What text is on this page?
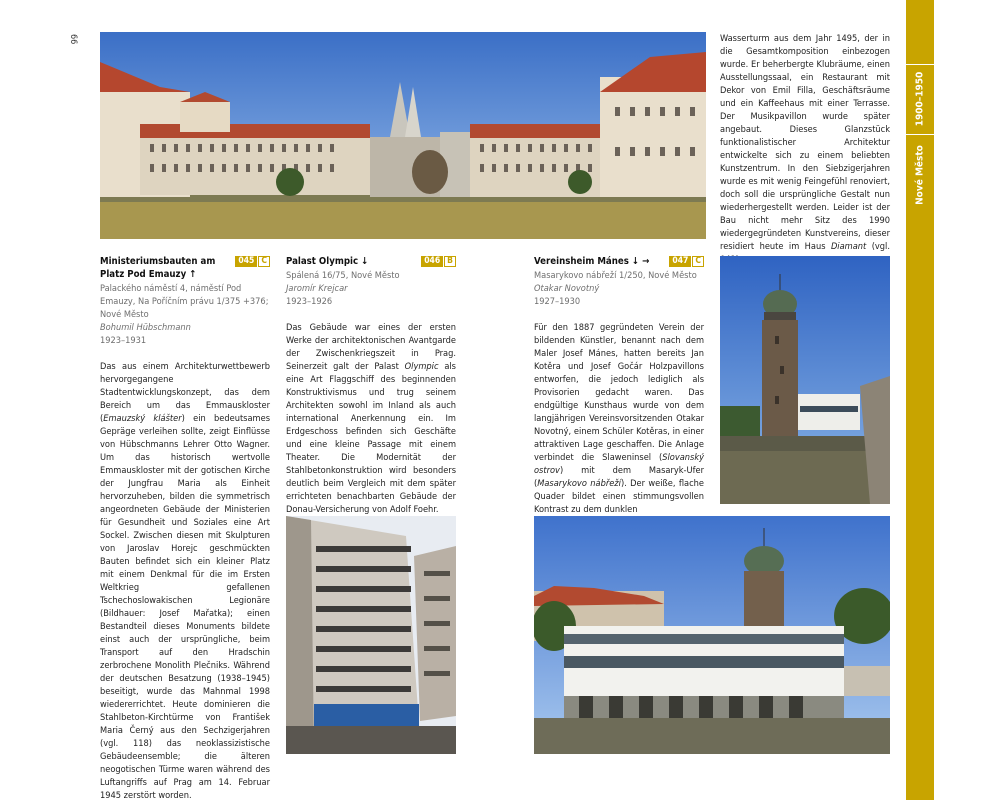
66
1900–1950
Nové Město
Ministeriumsbauten am
Platz Pod Emauzy ↑
045 C
Palackého náměstí 4, náměstí Pod
Emauzy, Na Poříčním právu 1/375 +376;
Nové Město
Bohumil Hübschmann
1923–1931

Das aus einem Architekturwettbewerb hervorgegangene Stadtentwicklungskonzept, das dem Bereich um das Emmauskloster (Emauzský klášter) ein bedeutsames Gepräge verleihen sollte, zeigt Einflüsse von Hübschmanns Lehrer Otto Wagner. Um das historisch wertvolle Emmauskloster mit der gotischen Kirche der Jungfrau Maria als Einheit hervorzuheben, bilden die symmetrisch angeordneten Gebäude der Ministerien für Gesundheit und Soziales eine Art Sockel. Zwischen diesen mit Skulpturen von Jaroslav Horejc geschmückten Bauten befindet sich ein kleiner Platz mit einem Denkmal für die im Ersten Weltkrieg gefallenen Tschechoslowakischen Legionäre (Bildhauer: Josef Mařatka); einen Bestandteil dieses Monuments bildete einst auch der ursprüngliche, beim Transport auf den Hradschin zerbrochene Monolith Plečniks. Während der deutschen Besatzung (1938–1945) beseitigt, wurde das Mahnmal 1998 wiedererrichtet. Heute dominieren die Stahlbeton-Kirchtürme von František Maria Černý aus den Sechzigerjahren (vgl. 118) das neoklassizistische Gebäudeensemble; die älteren neogotischen Türme waren während des Luftangriffs auf Prag am 14. Februar 1945 zerstört worden.

Palast Olympic ↓	046 B
Spálená 16/75, Nové Město
Jaromír Krejcar
1923–1926

Das Gebäude war eines der ersten Werke der architektonischen Avantgarde der Zwischenkriegszeit in Prag. Seinerzeit galt der Palast Olympic als eine Art Flaggschiff des beginnenden Konstruktivismus und trug seinem Architekten sowohl im Inland als auch international Anerkennung ein. Im Erdgeschoss befinden sich Geschäfte und eine kleine Passage mit einem Theater. Die Modernität der Stahlbetonkonstruktion wird besonders deutlich beim Vergleich mit dem später errichteten benachbarten Gebäude der Donau-Versicherung von Adolf Foehr.

Vereinsheim Mánes ↓ →	047 C
Masarykovo nábřeží 1/250, Nové Město
Otakar Novotný
1927–1930

Für den 1887 gegründeten Verein der bildenden Künstler, benannt nach dem Maler Josef Mánes, hatten bereits Jan Kotěra und Josef Gočár Holzpavillons entworfen, die jedoch lediglich als Provisorien gedacht waren. Das endgültige Kunsthaus wurde von dem langjährigen Vereinsvorsitzenden Otakar Novotný, einem Schüler Kotěras, in einer attraktiven Lage geschaffen. Die Anlage verbindet die Slaweninsel (Slovanský ostrov) mit dem Masaryk-Ufer (Masarykovo nábřeží). Der weiße, flache Quader bildet einen stimmungsvollen Kontrast zu dem dunklen

Wasserturm aus dem Jahr 1495, der in die Gesamtkomposition einbezogen wurde. Er beherbergte Klubräume, einen Ausstellungssaal, ein Restaurant mit Dekor von Emil Filla, Geschäftsräume und ein Kaffeehaus mit einer Terrasse. Der Musikpavillon wurde später angebaut. Dieses Glanzstück funktionalistischer Architektur entwickelte sich zu einem beliebten Kunstzentrum. In den Siebzigerjahren wurde es mit wenig Feingefühl renoviert, doch soll die ursprüngliche Gestalt nun wiederhergestellt werden. Leider ist der Bau nicht mehr Sitz des 1990 wiedergegründeten Kunstvereins, dieser residiert heute im Haus Diamant (vgl.
